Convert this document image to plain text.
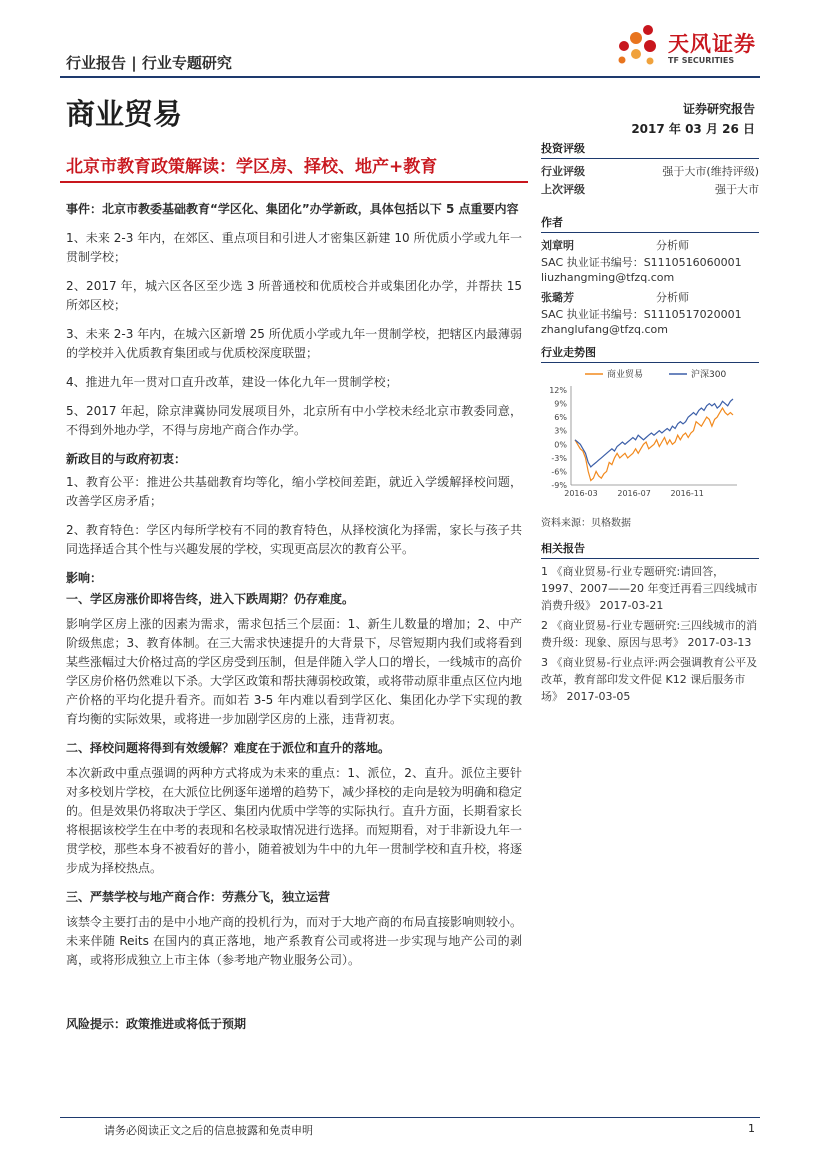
行业报告 | 行业专题研究
天风证券
TF SECURITIES
商业贸易	证券研究报告
2017 年 03 月 26 日
北京市教育政策解读：学区房、择校、地产+教育

事件：北京市教委基础教育“学区化、集团化”办学新政，具体包括以下 5 点重要内容

1、未来 2-3 年内，在郊区、重点项目和引进人才密集区新建 10 所优质小学或九年一贯制学校；

2、2017 年，城六区各区至少选 3 所普通校和优质校合并或集团化办学，并帮扶 15 所郊区校；

3、未来 2-3 年内，在城六区新增 25 所优质小学或九年一贯制学校，把辖区内最薄弱的学校并入优质教育集团或与优质校深度联盟；

4、推进九年一贯对口直升改革，建设一体化九年一贯制学校；

5、2017 年起，除京津冀协同发展项目外，北京所有中小学校未经北京市教委同意，不得到外地办学，不得与房地产商合作办学。

新政目的与政府初衷：

1、教育公平：推进公共基础教育均等化，缩小学校间差距，就近入学缓解择校问题，改善学区房矛盾；

2、教育特色：学区内每所学校有不同的教育特色，从择校演化为择需，家长与孩子共同选择适合其个性与兴趣发展的学校，实现更高层次的教育公平。

影响：

一、学区房涨价即将告终，进入下跌周期？仍存难度。

影响学区房上涨的因素为需求，需求包括三个层面：1、新生儿数量的增加；2、中产阶级焦虑；3、教育体制。在三大需求快速提升的大背景下，尽管短期内我们或将看到某些涨幅过大价格过高的学区房受到压制，但是伴随入学人口的增长，一线城市的高价学区房价格仍然难以下杀。大学区政策和帮扶薄弱校政策，或将带动原非重点区位内地产价格的平均化提升看齐。而如若 3-5 年内难以看到学区化、集团化办学下实现的教育均衡的实际效果，或将进一步加剧学区房的上涨，违背初衷。

二、择校问题将得到有效缓解？难度在于派位和直升的落地。

本次新政中重点强调的两种方式将成为未来的重点：1、派位，2、直升。派位主要针对多校划片学校，在大派位比例逐年递增的趋势下，减少择校的走向是较为明确和稳定的。但是效果仍将取决于学区、集团内优质中学等的实际执行。直升方面，长期看家长将根据该校学生在中考的表现和名校录取情况进行选择。而短期看，对于非新设九年一贯学校，那些本身不被看好的普小，随着被划为牛中的九年一贯制学校和直升校，将逐步成为择校热点。

三、严禁学校与地产商合作：劳燕分飞，独立运营

该禁令主要打击的是中小地产商的投机行为，而对于大地产商的布局直接影响则较小。未来伴随 Reits 在国内的真正落地，地产系教育公司或将进一步实现与地产公司的剥离，或将形成独立上市主体（参考地产物业服务公司）。

风险提示：政策推进或将低于预期
投资评级
行业评级	强于大市(维持评级)
上次评级	强于大市
作者
刘章明	分析师
SAC 执业证书编号：S1110516060001
liuzhangming@tfzq.com
张璐芳	分析师
SAC 执业证书编号：S1110517020001
zhanglufang@tfzq.com
行业走势图
12%
9%
6%
3%
0%
-3%
-6%
-9%
2016-03 2016-07 2016-11
商业贸易	沪深300
资料来源：贝格数据
相关报告

1 《商业贸易-行业专题研究:请回答，1997、2007——20 年变迁再看三四线城市消费升级》 2017-03-21

2 《商业贸易-行业专题研究:三四线城市的消费升级：现象、原因与思考》 2017-03-13

3 《商业贸易-行业点评:两会强调教育公平及改革，教育部印发文件促 K12 课后服务市场》 2017-03-05

请务必阅读正文之后的信息披露和免责申明	1
